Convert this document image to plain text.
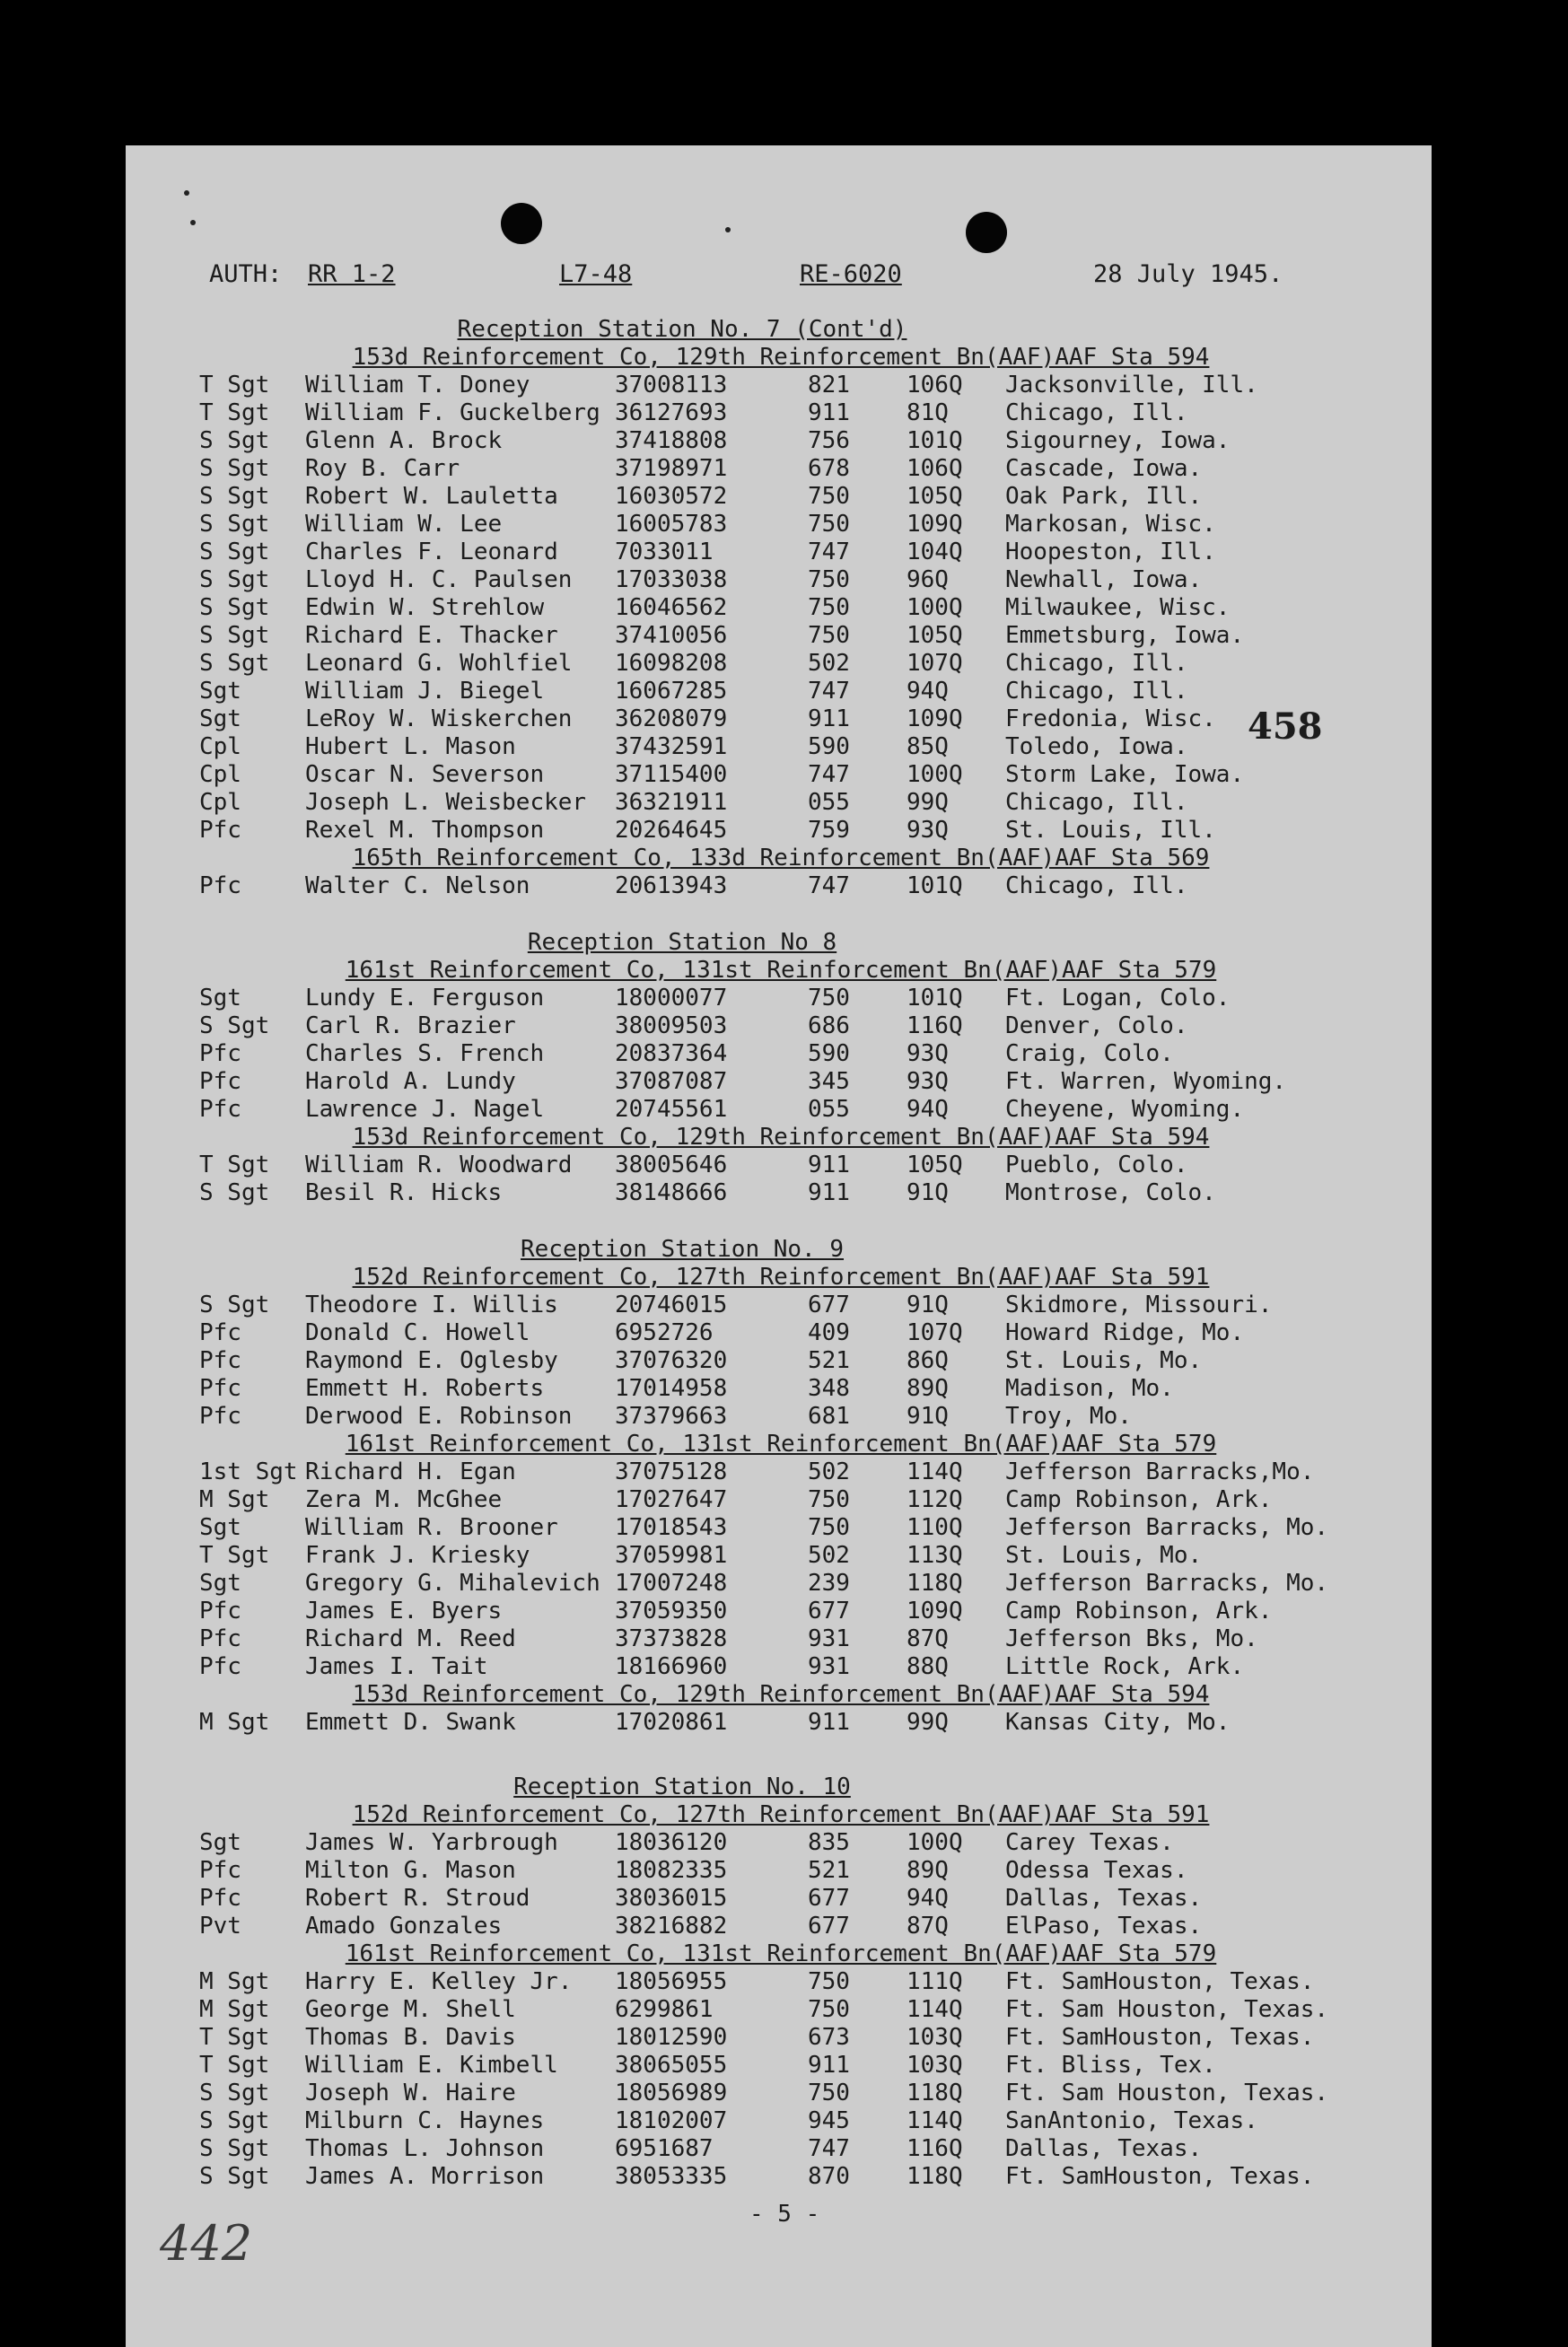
AUTH: RR 1-2	L7-48	RE-6020	28 July 1945.
458
Reception Station No. 7 (Cont'd)
153d Reinforcement Co, 129th Reinforcement Bn(AAF)AAF Sta 594
T Sgt William T. Doney	37008113	821 106Q Jacksonville, Ill.
T Sgt William F. Guckelberg 36127693	911 81Q Chicago, Ill.
S Sgt Glenn A. Brock	37418808	756 101Q Sigourney, Iowa.
S Sgt Roy B. Carr	37198971	678 106Q Cascade, Iowa.
S Sgt Robert W. Lauletta 16030572	750 105Q Oak Park, Ill.
S Sgt William W. Lee	16005783	750 109Q Markosan, Wisc.
S Sgt Charles F. Leonard 7033011	747 104Q Hoopeston, Ill.
S Sgt Lloyd H. C. Paulsen 17033038	750 96Q Newhall, Iowa.
S Sgt Edwin W. Strehlow	16046562	750 100Q Milwaukee, Wisc.
S Sgt Richard E. Thacker 37410056	750 105Q Emmetsburg, Iowa.
S Sgt Leonard G. Wohlfiel 16098208	502 107Q Chicago, Ill.
Sgt	William J. Biegel	16067285	747 94Q Chicago, Ill.
Sgt	LeRoy W. Wiskerchen 36208079	911 109Q Fredonia, Wisc.
Cpl	Hubert L. Mason	37432591	590 85Q Toledo, Iowa.
Cpl	Oscar N. Severson	37115400	747 100Q Storm Lake, Iowa.
Cpl	Joseph L. Weisbecker 36321911	055 99Q Chicago, Ill.
Pfc	Rexel M. Thompson	20264645	759 93Q St. Louis, Ill.
165th Reinforcement Co, 133d Reinforcement Bn(AAF)AAF Sta 569
Pfc	Walter C. Nelson	20613943	747 101Q Chicago, Ill.
Reception Station No 8
161st Reinforcement Co, 131st Reinforcement Bn(AAF)AAF Sta 579
Sgt	Lundy E. Ferguson	18000077	750 101Q Ft. Logan, Colo.
S Sgt Carl R. Brazier	38009503	686 116Q Denver, Colo.
Pfc	Charles S. French	20837364	590 93Q Craig, Colo.
Pfc	Harold A. Lundy	37087087	345 93Q Ft. Warren, Wyoming.
Pfc	Lawrence J. Nagel	20745561	055 94Q Cheyene, Wyoming.
153d Reinforcement Co, 129th Reinforcement Bn(AAF)AAF Sta 594
T Sgt William R. Woodward 38005646	911 105Q Pueblo, Colo.
S Sgt Besil R. Hicks	38148666	911 91Q Montrose, Colo.
Reception Station No. 9
152d Reinforcement Co, 127th Reinforcement Bn(AAF)AAF Sta 591
S Sgt Theodore I. Willis 20746015	677 91Q Skidmore, Missouri.
Pfc	Donald C. Howell	6952726	409 107Q Howard Ridge, Mo.
Pfc	Raymond E. Oglesby 37076320	521 86Q St. Louis, Mo.
Pfc	Emmett H. Roberts	17014958	348 89Q Madison, Mo.
Pfc	Derwood E. Robinson 37379663	681 91Q Troy, Mo.
161st Reinforcement Co, 131st Reinforcement Bn(AAF)AAF Sta 579
1st Sgt Richard H. Egan	37075128	502 114Q Jefferson Barracks,Mo.
M Sgt Zera M. McGhee	17027647	750 112Q Camp Robinson, Ark.
Sgt	William R. Brooner 17018543	750 110Q Jefferson Barracks, Mo.
T Sgt Frank J. Kriesky	37059981	502 113Q St. Louis, Mo.
Sgt	Gregory G. Mihalevich 17007248	239 118Q Jefferson Barracks, Mo.
Pfc	James E. Byers	37059350	677 109Q Camp Robinson, Ark.
Pfc	Richard M. Reed	37373828	931 87Q Jefferson Bks, Mo.
Pfc	James I. Tait	18166960	931 88Q Little Rock, Ark.
153d Reinforcement Co, 129th Reinforcement Bn(AAF)AAF Sta 594
M Sgt Emmett D. Swank	17020861	911 99Q Kansas City, Mo.
Reception Station No. 10
152d Reinforcement Co, 127th Reinforcement Bn(AAF)AAF Sta 591
Sgt	James W. Yarbrough 18036120	835 100Q Carey Texas.
Pfc	Milton G. Mason	18082335	521 89Q Odessa Texas.
Pfc	Robert R. Stroud	38036015	677 94Q Dallas, Texas.
Pvt	Amado Gonzales	38216882	677 87Q ElPaso, Texas.
161st Reinforcement Co, 131st Reinforcement Bn(AAF)AAF Sta 579
M Sgt Harry E. Kelley Jr. 18056955	750 111Q Ft. SamHouston, Texas.
M Sgt George M. Shell	6299861	750 114Q Ft. Sam Houston, Texas.
T Sgt Thomas B. Davis	18012590	673 103Q Ft. SamHouston, Texas.
T Sgt William E. Kimbell 38065055	911 103Q Ft. Bliss, Tex.
S Sgt Joseph W. Haire	18056989	750 118Q Ft. Sam Houston, Texas.
S Sgt Milburn C. Haynes	18102007	945 114Q SanAntonio, Texas.
S Sgt Thomas L. Johnson	6951687	747 116Q Dallas, Texas.
S Sgt James A. Morrison	38053335	870 118Q Ft. SamHouston, Texas.
- 5 -
442
